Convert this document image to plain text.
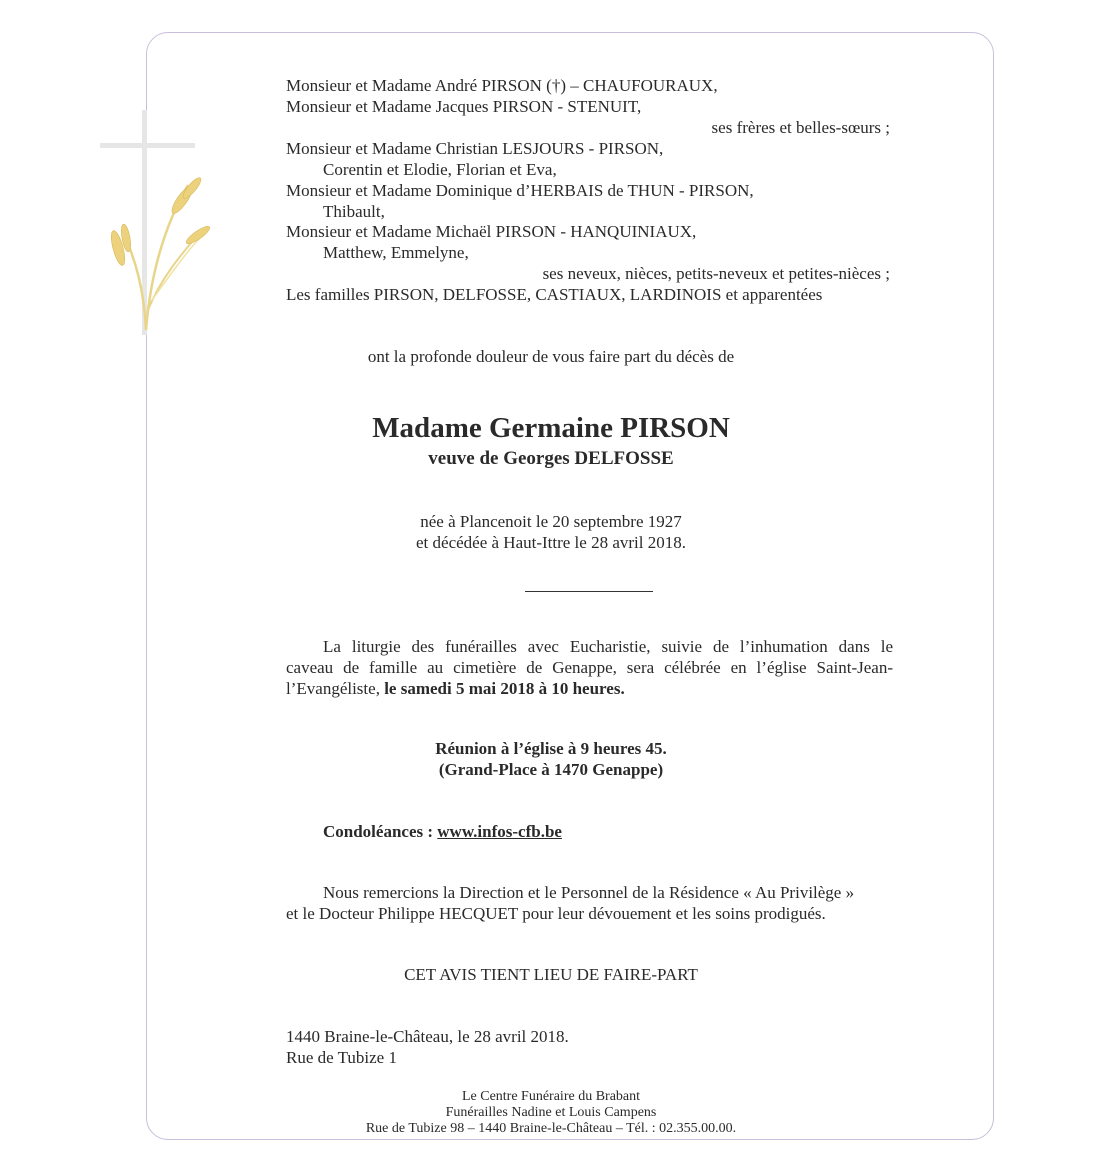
Monsieur et Madame André PIRSON (†) – CHAUFOURAUX,
Monsieur et Madame Jacques PIRSON - STENUIT,
ses frères et belles-sœurs ;
Monsieur et Madame Christian LESJOURS - PIRSON,
Corentin et Elodie, Florian et Eva,
Monsieur et Madame Dominique d’HERBAIS de THUN - PIRSON,
Thibault,
Monsieur et Madame Michaël PIRSON - HANQUINIAUX,
Matthew, Emmelyne,
ses neveux, nièces, petits-neveux et petites-nièces ;
Les familles PIRSON, DELFOSSE, CASTIAUX, LARDINOIS et apparentées
ont la profonde douleur de vous faire part du décès de
Madame Germaine PIRSON
veuve de Georges DELFOSSE
née à Plancenoit le 20 septembre 1927
et décédée à Haut-Ittre le 28 avril 2018.
La liturgie des funérailles avec Eucharistie, suivie de l’inhumation dans le
caveau de famille au cimetière de Genappe, sera célébrée en l’église Saint-Jean-
l’Evangéliste, le samedi 5 mai 2018 à 10 heures.
Réunion à l’église à 9 heures 45.
(Grand-Place à 1470 Genappe)
Condoléances : www.infos-cfb.be
Nous remercions la Direction et le Personnel de la Résidence « Au Privilège »
et le Docteur Philippe HECQUET pour leur dévouement et les soins prodigués.
CET AVIS TIENT LIEU DE FAIRE-PART
1440 Braine-le-Château, le 28 avril 2018.
Rue de Tubize 1
Le Centre Funéraire du Brabant
Funérailles Nadine et Louis Campens
Rue de Tubize 98 – 1440 Braine-le-Château – Tél. : 02.355.00.00.
